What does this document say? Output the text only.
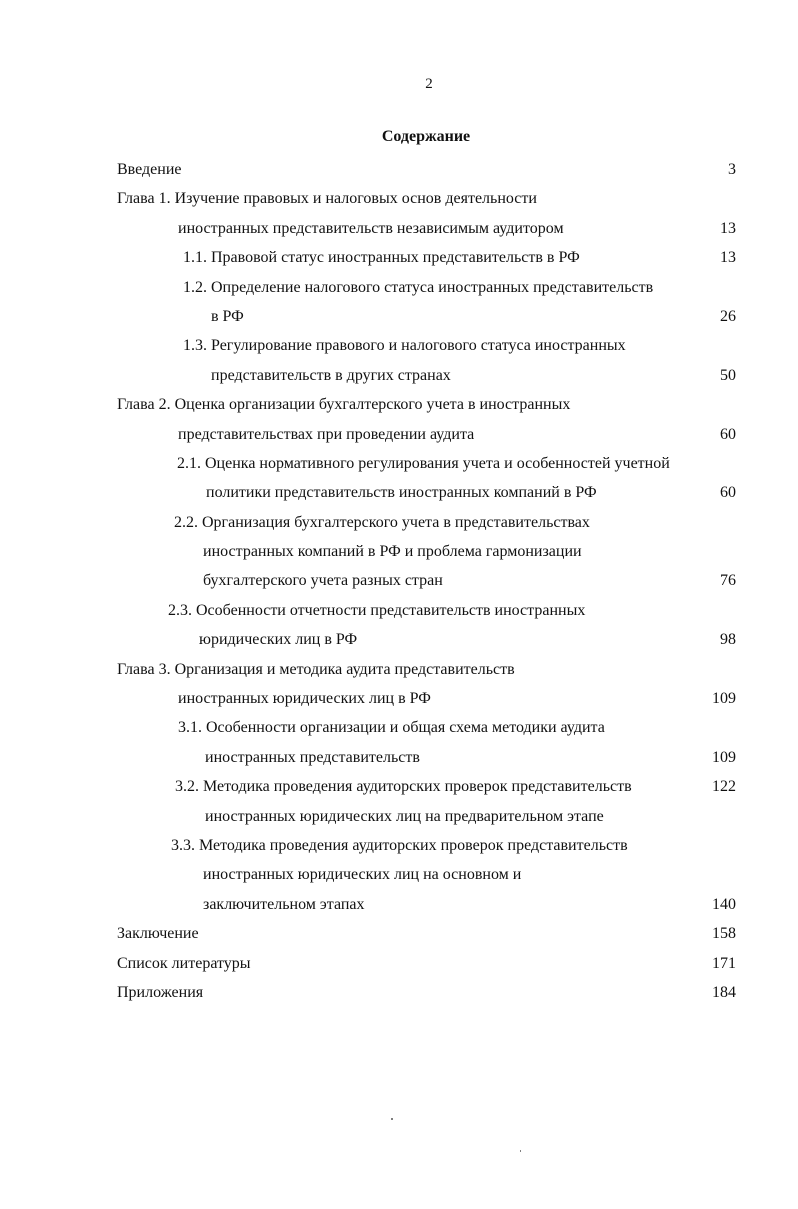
2
Содержание
Введение	3
Глава 1. Изучение правовых и налоговых основ деятельности
иностранных представительств независимым аудитором	13
1.1. Правовой статус иностранных представительств в РФ	13
1.2. Определение налогового статуса иностранных представительств
в РФ	26
1.3. Регулирование правового и налогового статуса иностранных
представительств в других странах	50
Глава 2. Оценка организации бухгалтерского учета в иностранных
представительствах при проведении аудита	60
2.1. Оценка нормативного регулирования учета и особенностей учетной
политики представительств иностранных компаний в РФ	60
2.2. Организация бухгалтерского учета в представительствах
иностранных компаний в РФ и проблема гармонизации
бухгалтерского учета разных стран	76
2.3. Особенности отчетности представительств иностранных
юридических лиц в РФ	98
Глава 3. Организация и методика аудита представительств
иностранных юридических лиц в РФ	109
3.1. Особенности организации и общая схема методики аудита
иностранных представительств	109
3.2. Методика проведения аудиторских проверок представительств	122
иностранных юридических лиц на предварительном этапе
3.3. Методика проведения аудиторских проверок представительств
иностранных юридических лиц на основном и
заключительном этапах	140
Заключение	158
Список литературы	171
Приложения	184
